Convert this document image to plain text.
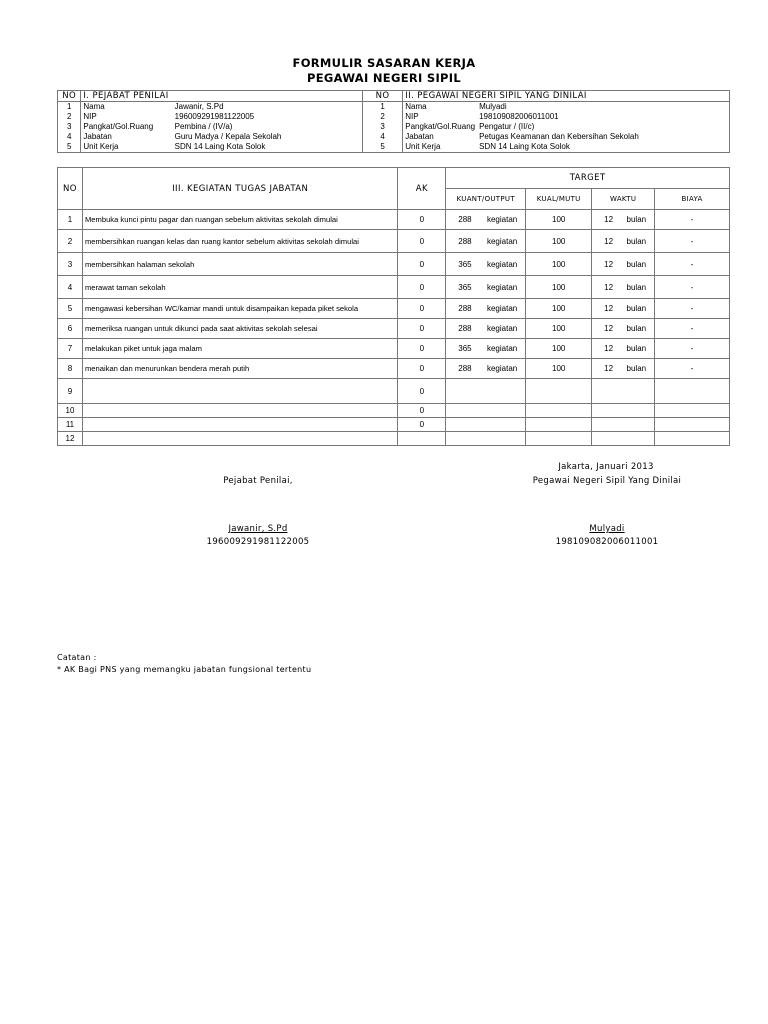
FORMULIR SASARAN KERJA
PEGAWAI NEGERI SIPIL
NO	I. PEJABAT PENILAI		NO	II. PEGAWAI NEGERI SIPIL YANG DINILAI	
1	Nama	Jawanir, S.Pd	1	Nama	Mulyadi
2	NIP	196009291981122005	2	NIP	198109082006011001
3	Pangkat/Gol.Ruang	Pembina / (IV/a)	3	Pangkat/Gol.Ruang	Pengatur / (II/c)
4	Jabatan	Guru Madya / Kepala Sekolah	4	Jabatan	Petugas Keamanan dan Kebersihan Sekolah
5	Unit Kerja	SDN 14 Laing Kota Solok	5	Unit Kerja	SDN 14 Laing Kota Solok
NO	III. KEGIATAN TUGAS JABATAN	AK	TARGET			
			KUANT/OUTPUT	KUAL/MUTU	WAKTU	BIAYA
1	Membuka kunci pintu pagar dan ruangan sebelum aktivitas sekolah dimulai	0	288 kegiatan	100	12 bulan	-
2	membersihkan ruangan kelas dan ruang kantor sebelum aktivitas sekolah dimulai	0	288 kegiatan	100	12 bulan	-
3	membersihkan halaman sekolah	0	365 kegiatan	100	12 bulan	-
4	merawat taman sekolah	0	365 kegiatan	100	12 bulan	-
5	mengawasi kebersihan WC/kamar mandi untuk disampaikan kepada piket sekola	0	288 kegiatan	100	12 bulan	-
6	memeriksa ruangan untuk dikunci pada saat aktivitas sekolah selesai	0	288 kegiatan	100	12 bulan	-
7	melakukan piket untuk jaga malam	0	365 kegiatan	100	12 bulan	-
8	menaikan dan menurunkan bendera merah putih	0	288 kegiatan	100	12 bulan	-
9		0	

10		0	

11		0	

12			

Jakarta, Januari 2013
Pejabat Penilai,	Pegawai Negeri Sipil Yang Dinilai
Jawanir, S.Pd
196009291981122005
Mulyadi
198109082006011001
Catatan :
* AK Bagi PNS yang memangku jabatan fungsional tertentu
